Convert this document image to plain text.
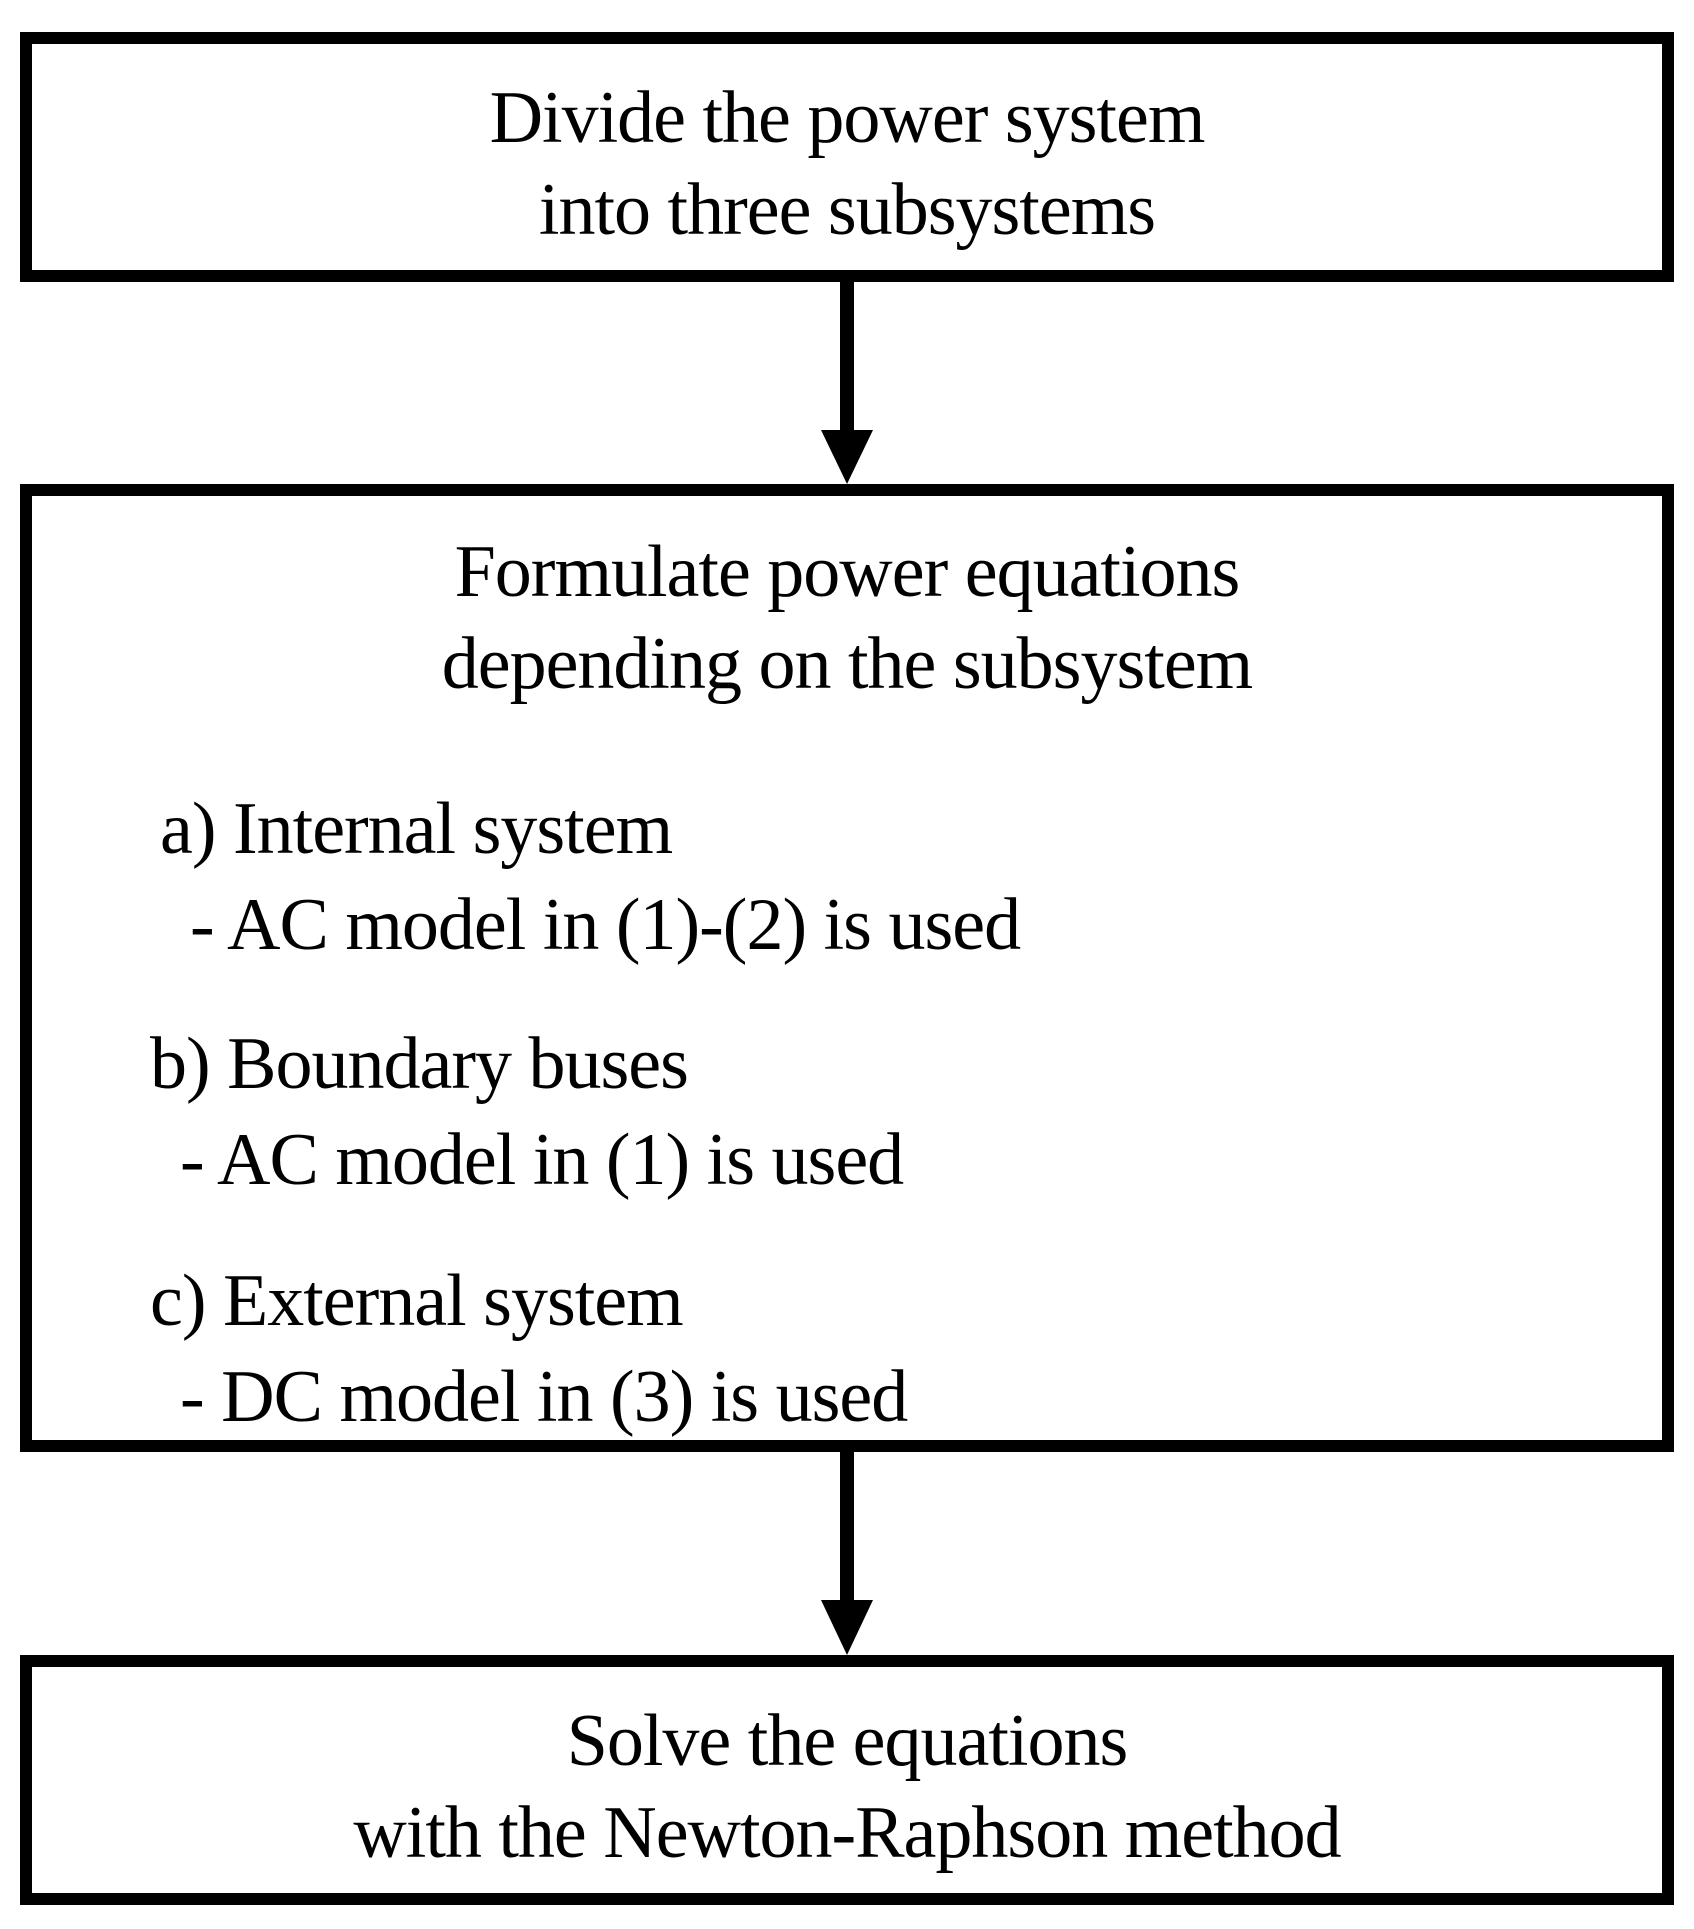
Divide the power system
into three subsystems
Formulate power equations
depending on the subsystem
a) Internal system
- AC model in (1)-(2) is used
b) Boundary buses
- AC model in (1) is used
c) External system
- DC model in (3) is used
Solve the equations
with the Newton-Raphson method
